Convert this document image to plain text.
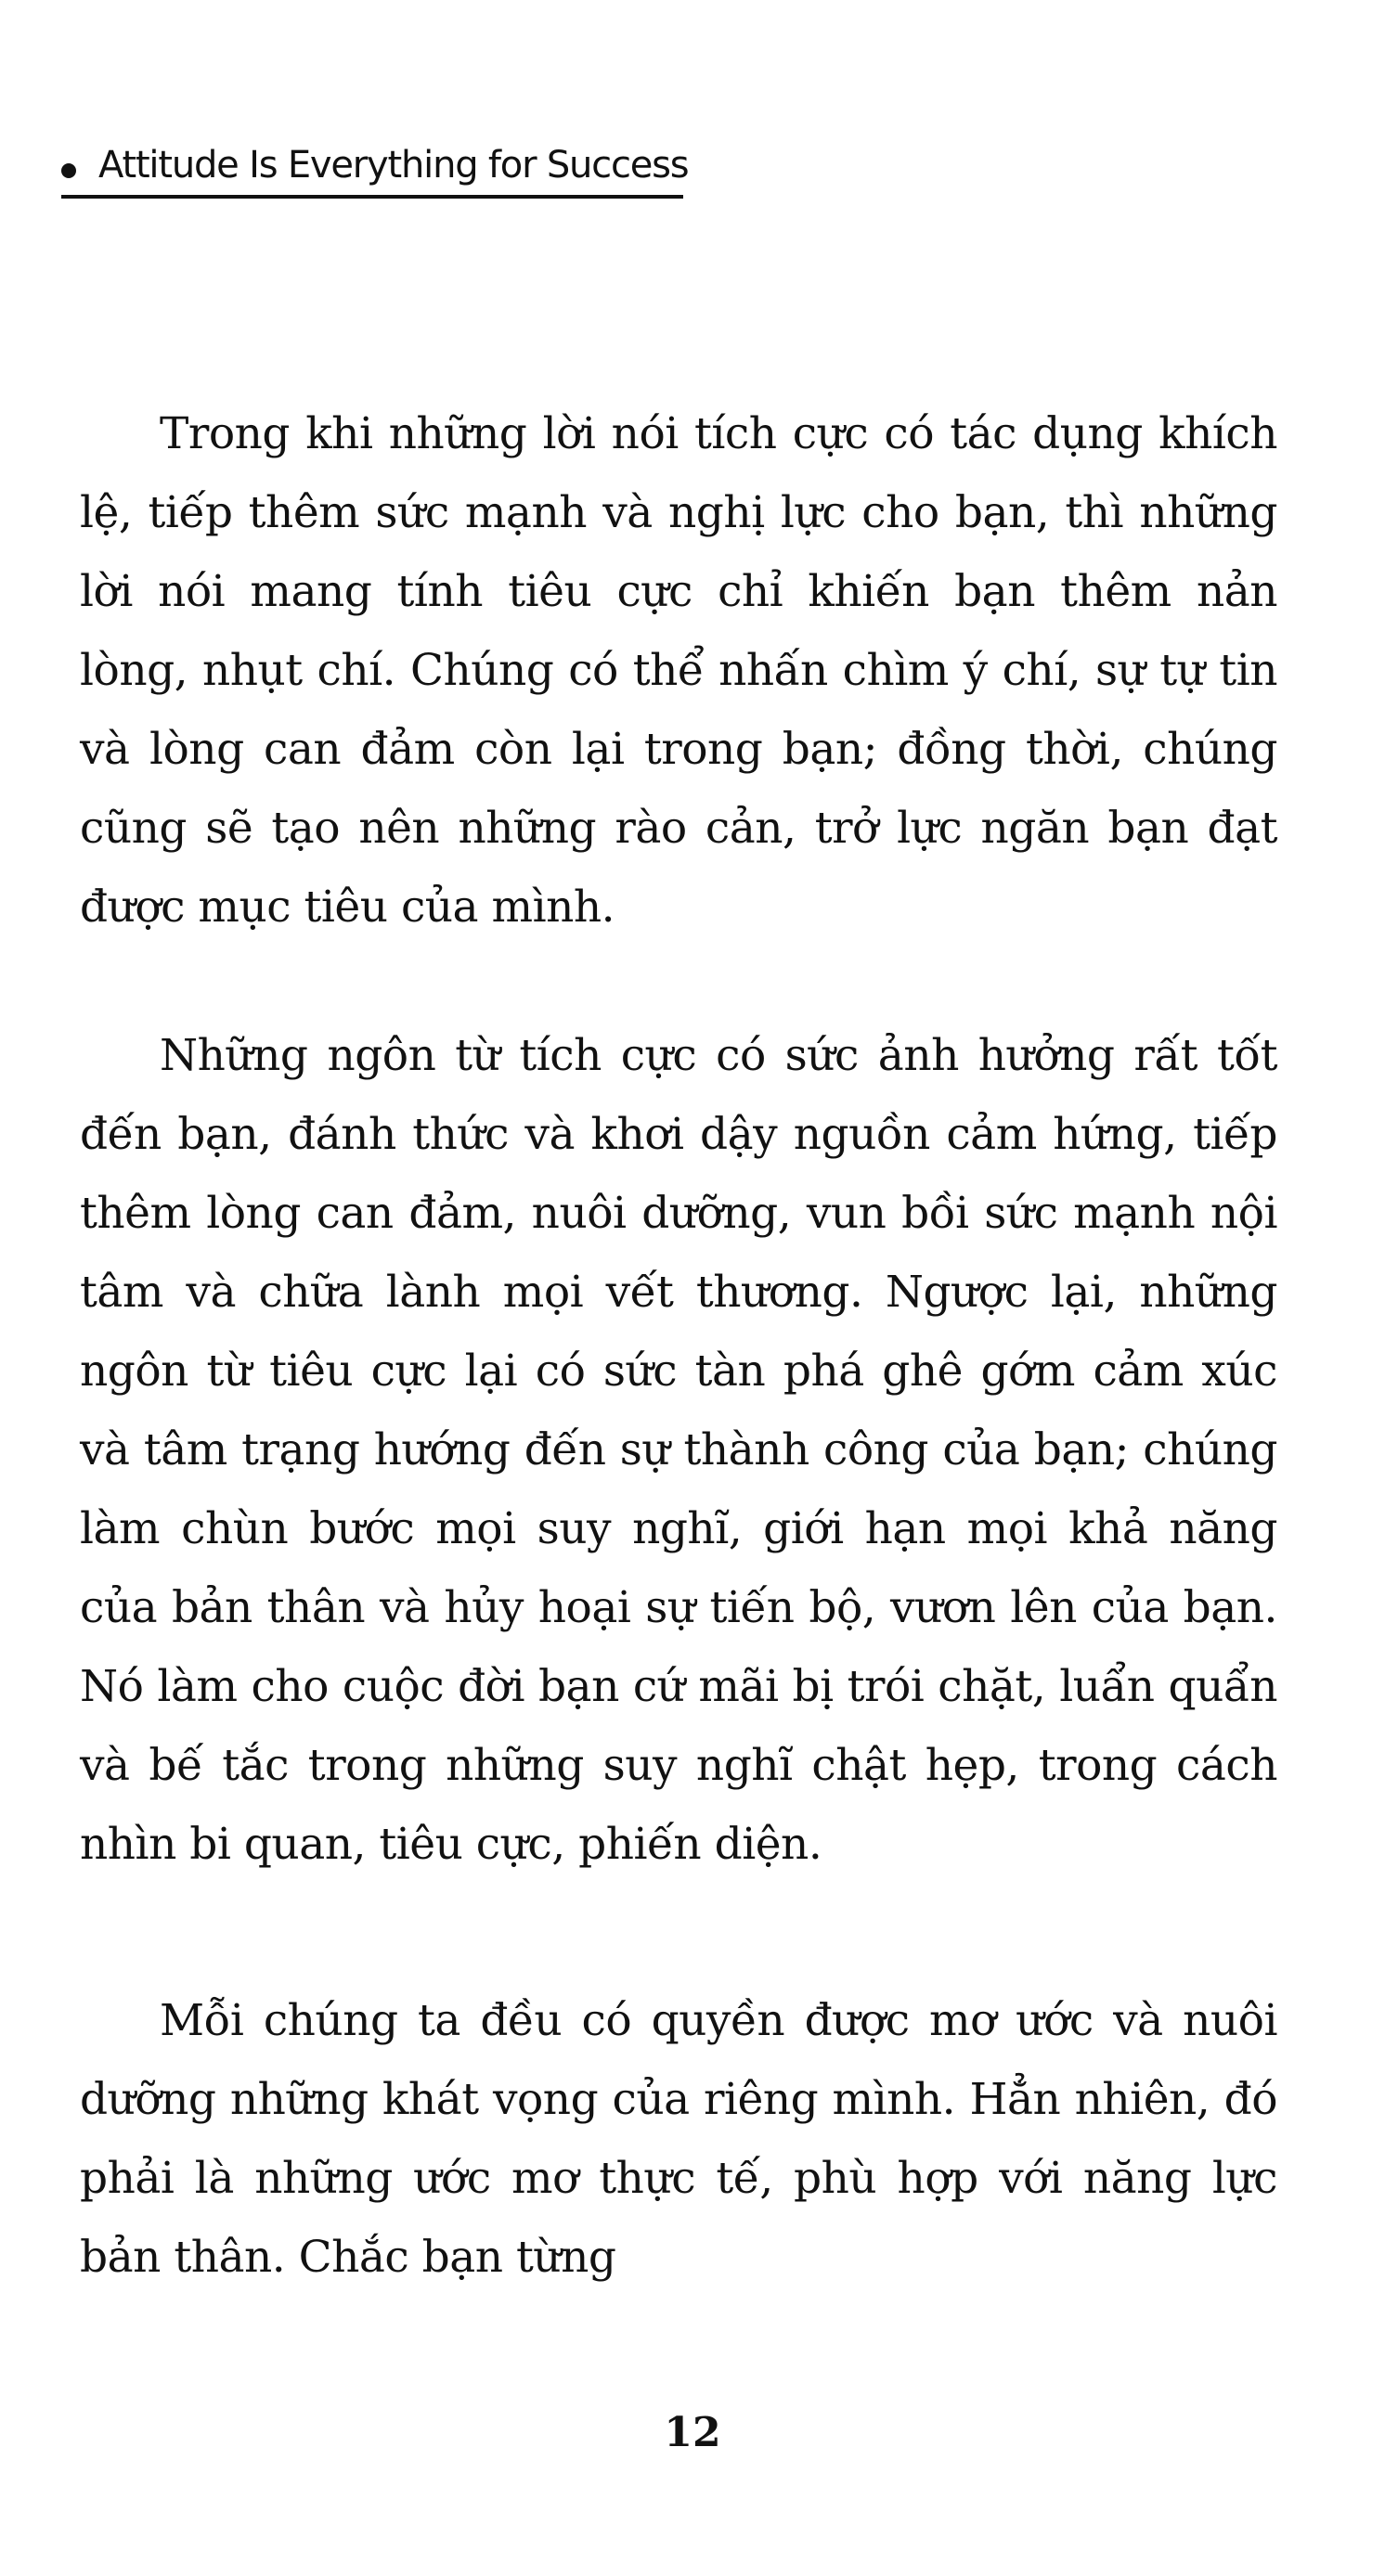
Attitude Is Everything for Success

Trong khi những lời nói tích cực có tác dụng khích lệ, tiếp thêm sức mạnh và nghị lực cho bạn, thì những lời nói mang tính tiêu cực chỉ khiến bạn thêm nản lòng, nhụt chí. Chúng có thể nhấn chìm ý chí, sự tự tin và lòng can đảm còn lại trong bạn; đồng thời, chúng cũng sẽ tạo nên những rào cản, trở lực ngăn bạn đạt được mục tiêu của mình.

Những ngôn từ tích cực có sức ảnh hưởng rất tốt đến bạn, đánh thức và khơi dậy nguồn cảm hứng, tiếp thêm lòng can đảm, nuôi dưỡng, vun bồi sức mạnh nội tâm và chữa lành mọi vết thương. Ngược lại, những ngôn từ tiêu cực lại có sức tàn phá ghê gớm cảm xúc và tâm trạng hướng đến sự thành công của bạn; chúng làm chùn bước mọi suy nghĩ, giới hạn mọi khả năng của bản thân và hủy hoại sự tiến bộ, vươn lên của bạn. Nó làm cho cuộc đời bạn cứ mãi bị trói chặt, luẩn quẩn và bế tắc trong những suy nghĩ chật hẹp, trong cách nhìn bi quan, tiêu cực, phiến diện.

Mỗi chúng ta đều có quyền được mơ ước và nuôi dưỡng những khát vọng của riêng mình. Hẳn nhiên, đó phải là những ước mơ thực tế, phù hợp với năng lực bản thân. Chắc bạn từng

12
